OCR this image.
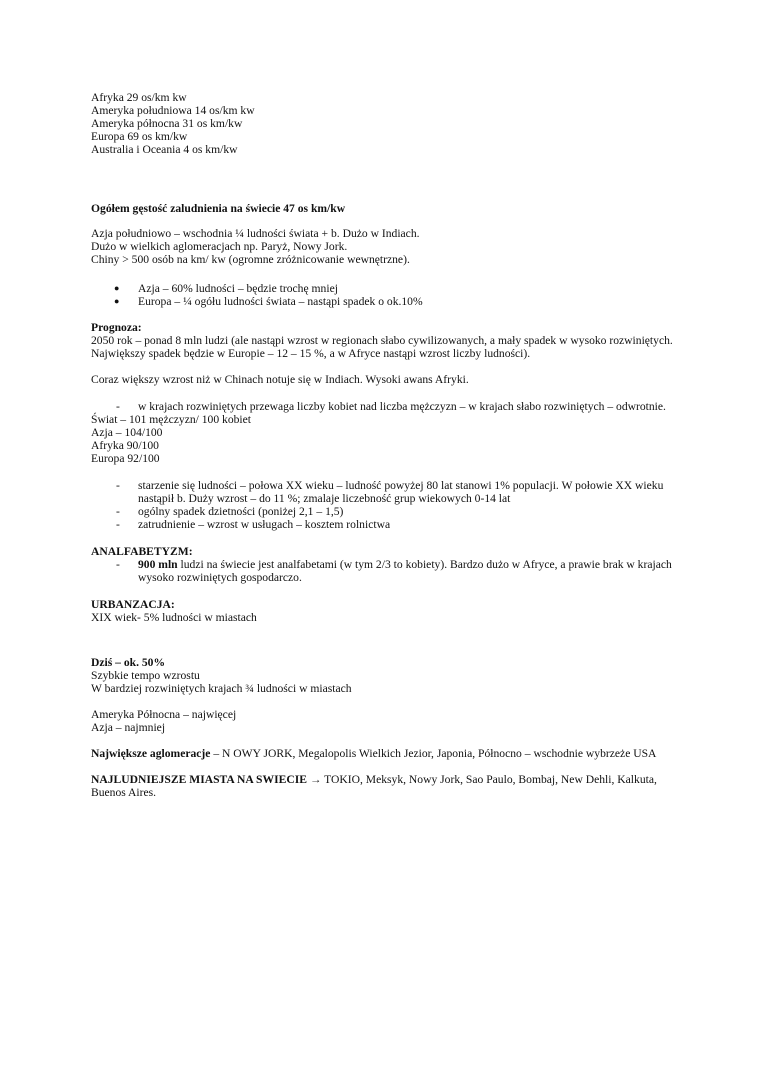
Afryka 29 os/km kw
Ameryka południowa 14 os/km kw
Ameryka północna 31 os km/kw
Europa 69 os km/kw
Australia i Oceania 4 os km/kw
Ogółem gęstość zaludnienia na świecie 47 os km/kw
Azja południowo – wschodnia ¼ ludności świata + b. Dużo w Indiach.
Dużo w wielkich aglomeracjach np. Paryż, Nowy Jork.
Chiny > 500 osób na km/ kw (ogromne zróżnicowanie wewnętrzne).
● Azja – 60% ludności – będzie trochę mniej
● Europa – ¼ ogółu ludności świata – nastąpi spadek o ok.10%
Prognoza:
2050 rok – ponad 8 mln ludzi (ale nastąpi wzrost w regionach słabo cywilizowanych, a mały spadek w wysoko rozwiniętych.
Największy spadek będzie w Europie – 12 – 15 %, a w Afryce nastąpi wzrost liczby ludności).
Coraz większy wzrost niż w Chinach notuje się w Indiach. Wysoki awans Afryki.
- w krajach rozwiniętych przewaga liczby kobiet nad liczba mężczyzn – w krajach słabo rozwiniętych – odwrotnie.
Świat – 101 mężczyzn/ 100 kobiet
Azja – 104/100
Afryka 90/100
Europa 92/100
- starzenie się ludności – połowa XX wieku – ludność powyżej 80 lat stanowi 1% populacji. W połowie XX wieku
nastąpił b. Duży wzrost – do 11 %; zmalaje liczebność grup wiekowych 0-14 lat
- ogólny spadek dzietności (poniżej 2,1 – 1,5)
- zatrudnienie – wzrost w usługach – kosztem rolnictwa
ANALFABETYZM:
- 900 mln ludzi na świecie jest analfabetami (w tym 2/3 to kobiety). Bardzo dużo w Afryce, a prawie brak w krajach
wysoko rozwiniętych gospodarczo.
URBANZACJA:
XIX wiek- 5% ludności w miastach
Dziś – ok. 50%
Szybkie tempo wzrostu
W bardziej rozwiniętych krajach ¾ ludności w miastach
Ameryka Północna – najwięcej
Azja – najmniej
Największe aglomeracje – N OWY JORK, Megalopolis Wielkich Jezior, Japonia, Północno – wschodnie wybrzeże USA
NAJLUDNIEJSZE MIASTA NA SWIECIE → TOKIO, Meksyk, Nowy Jork, Sao Paulo, Bombaj, New Dehli, Kalkuta,
Buenos Aires.
